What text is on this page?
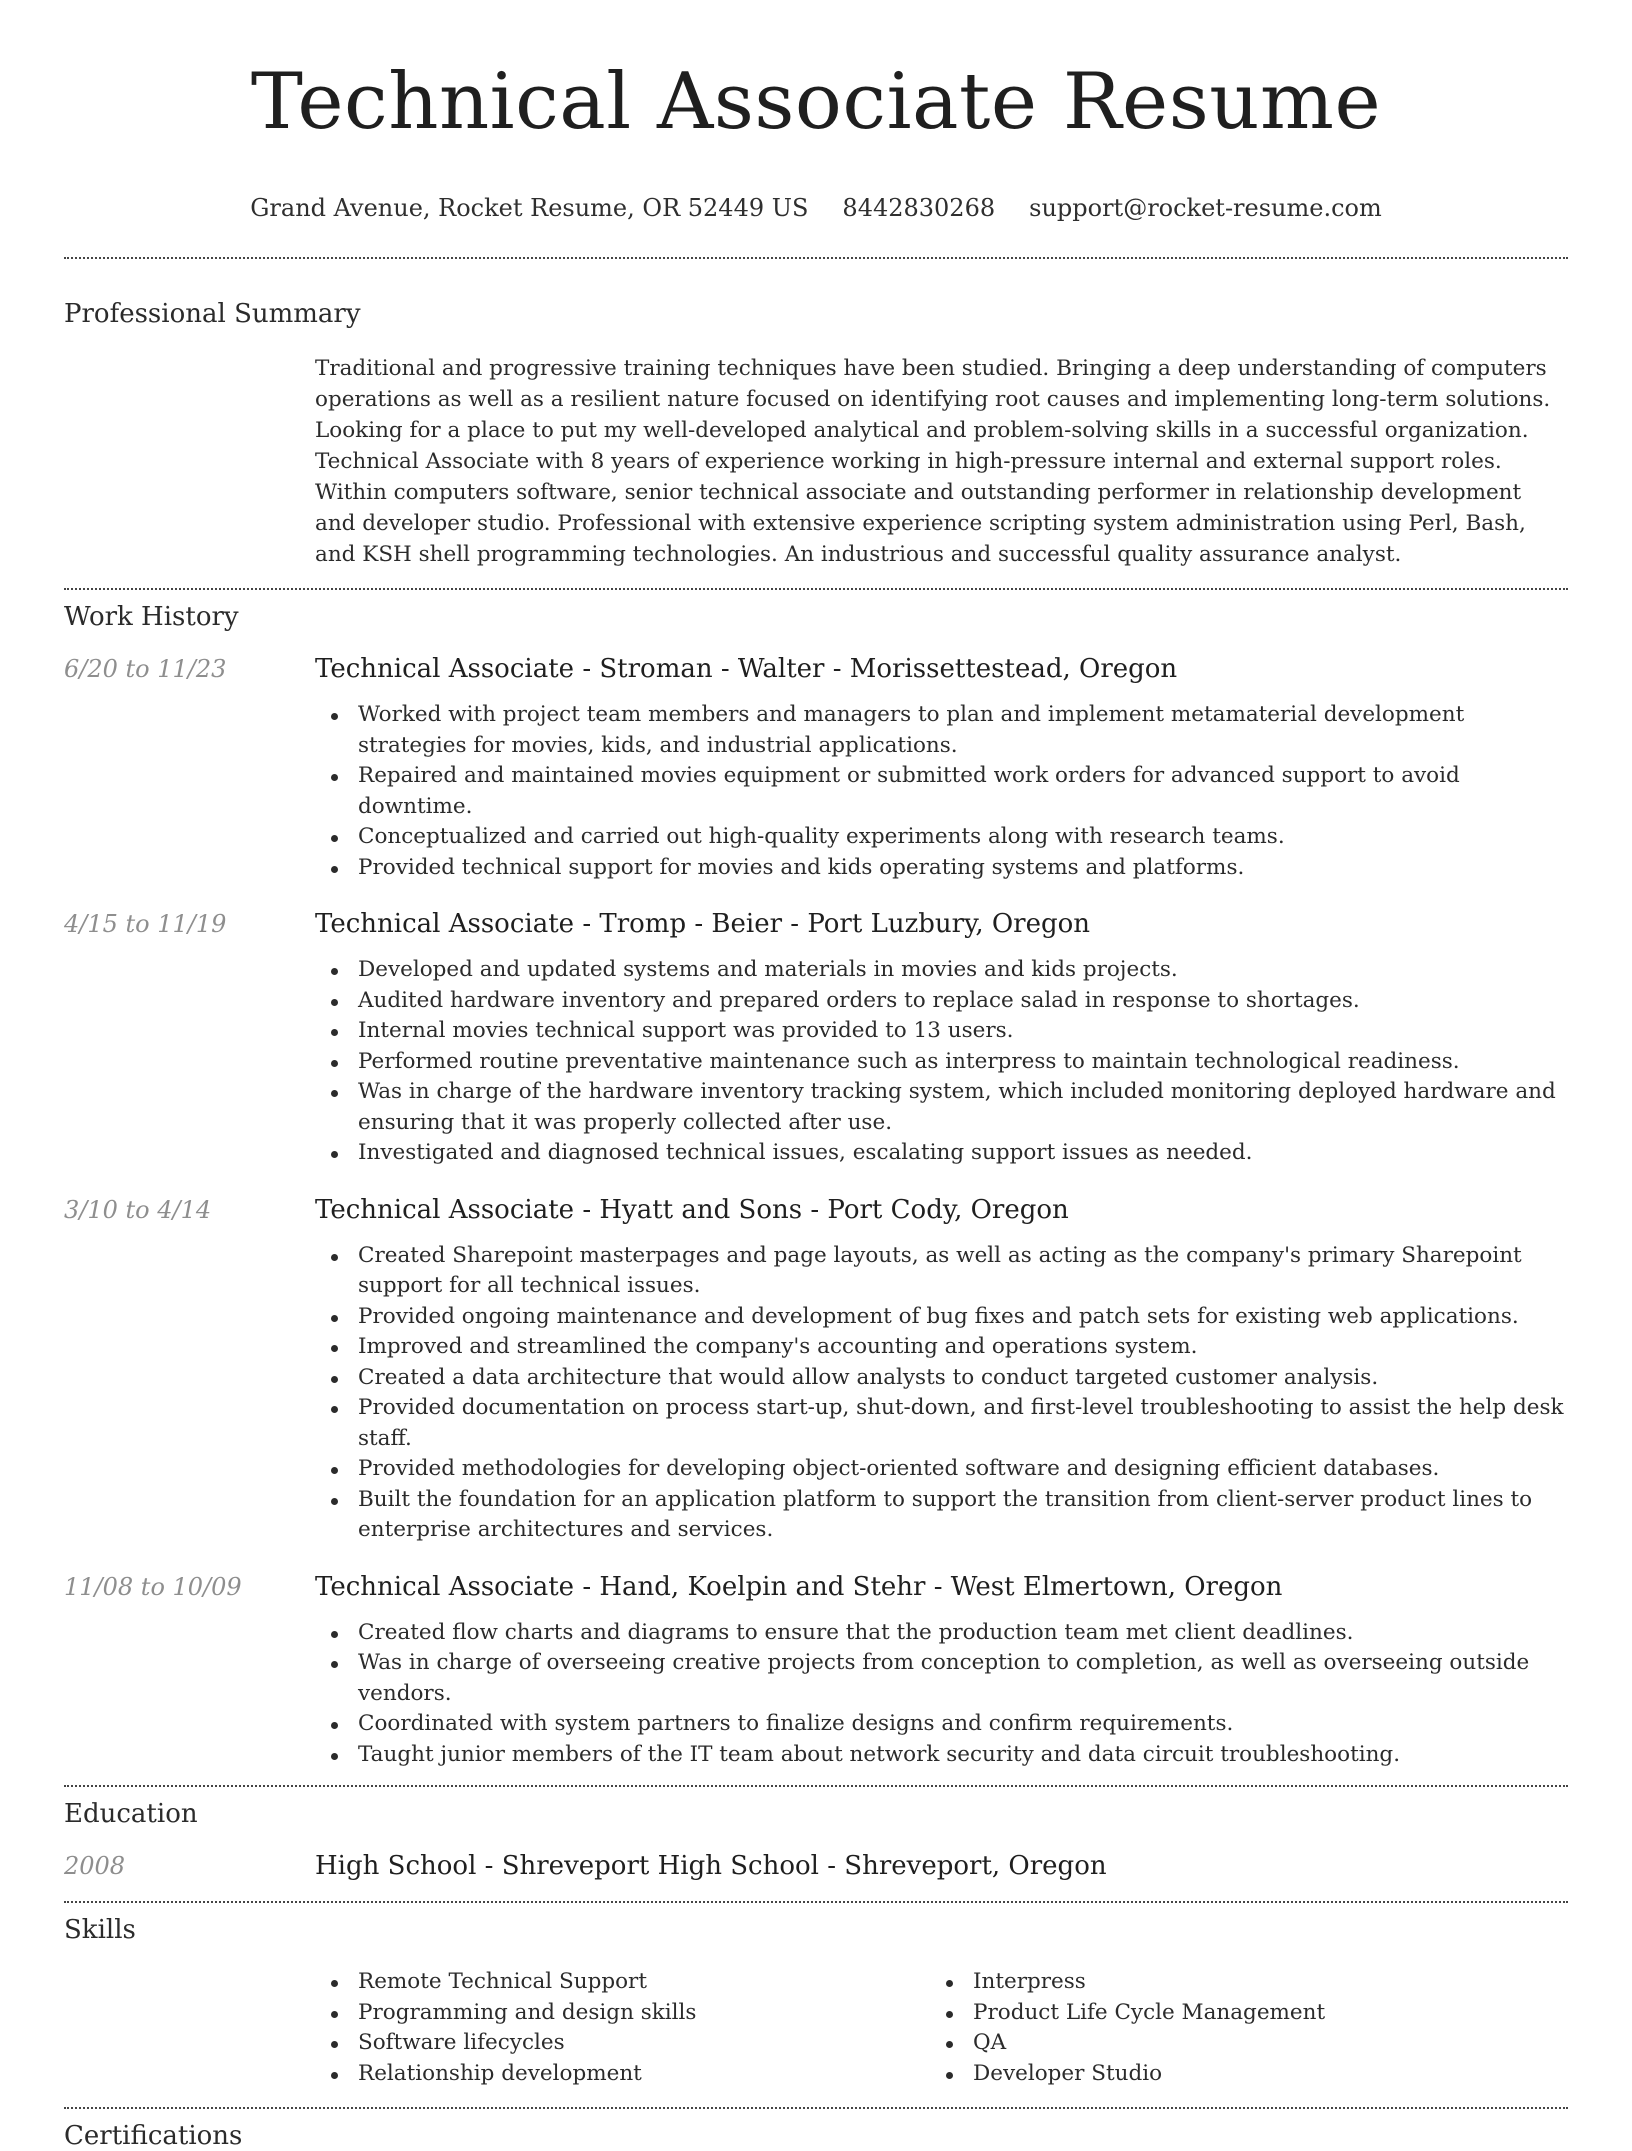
Technical Associate Resume
Grand Avenue, Rocket Resume, OR 52449 US 8442830268 support@rocket-resume.com
Professional Summary

Traditional and progressive training techniques have been studied. Bringing a deep understanding of computers operations as well as a resilient nature focused on identifying root causes and implementing long-term solutions. Looking for a place to put my well-developed analytical and problem-solving skills in a successful organization. Technical Associate with 8 years of experience working in high-pressure internal and external support roles. Within computers software, senior technical associate and outstanding performer in relationship development and developer studio. Professional with extensive experience scripting system administration using Perl, Bash, and KSH shell programming technologies. An industrious and successful quality assurance analyst.

Work History
6/20 to 11/23	Technical Associate - Stroman - Walter - Morissettestead, Oregon
Worked with project team members and managers to plan and implement metamaterial development strategies for movies, kids, and industrial applications.
Repaired and maintained movies equipment or submitted work orders for advanced support to avoid downtime.
Conceptualized and carried out high-quality experiments along with research teams.
Provided technical support for movies and kids operating systems and platforms.
4/15 to 11/19	Technical Associate - Tromp - Beier - Port Luzbury, Oregon
Developed and updated systems and materials in movies and kids projects.
Audited hardware inventory and prepared orders to replace salad in response to shortages.
Internal movies technical support was provided to 13 users.
Performed routine preventative maintenance such as interpress to maintain technological readiness.
Was in charge of the hardware inventory tracking system, which included monitoring deployed hardware and ensuring that it was properly collected after use.
Investigated and diagnosed technical issues, escalating support issues as needed.
3/10 to 4/14	Technical Associate - Hyatt and Sons - Port Cody, Oregon
Created Sharepoint masterpages and page layouts, as well as acting as the company's primary Sharepoint support for all technical issues.
Provided ongoing maintenance and development of bug fixes and patch sets for existing web applications.
Improved and streamlined the company's accounting and operations system.
Created a data architecture that would allow analysts to conduct targeted customer analysis.
Provided documentation on process start-up, shut-down, and first-level troubleshooting to assist the help desk staff.
Provided methodologies for developing object-oriented software and designing efficient databases.
Built the foundation for an application platform to support the transition from client-server product lines to enterprise architectures and services.
11/08 to 10/09	Technical Associate - Hand, Koelpin and Stehr - West Elmertown, Oregon
Created flow charts and diagrams to ensure that the production team met client deadlines.
Was in charge of overseeing creative projects from conception to completion, as well as overseeing outside vendors.
Coordinated with system partners to finalize designs and confirm requirements.
Taught junior members of the IT team about network security and data circuit troubleshooting.
Education
2008	High School - Shreveport High School - Shreveport, Oregon
Skills
Remote Technical Support
Programming and design skills
Software lifecycles
Relationship development
Interpress
Product Life Cycle Management
QA
Developer Studio
Certifications
